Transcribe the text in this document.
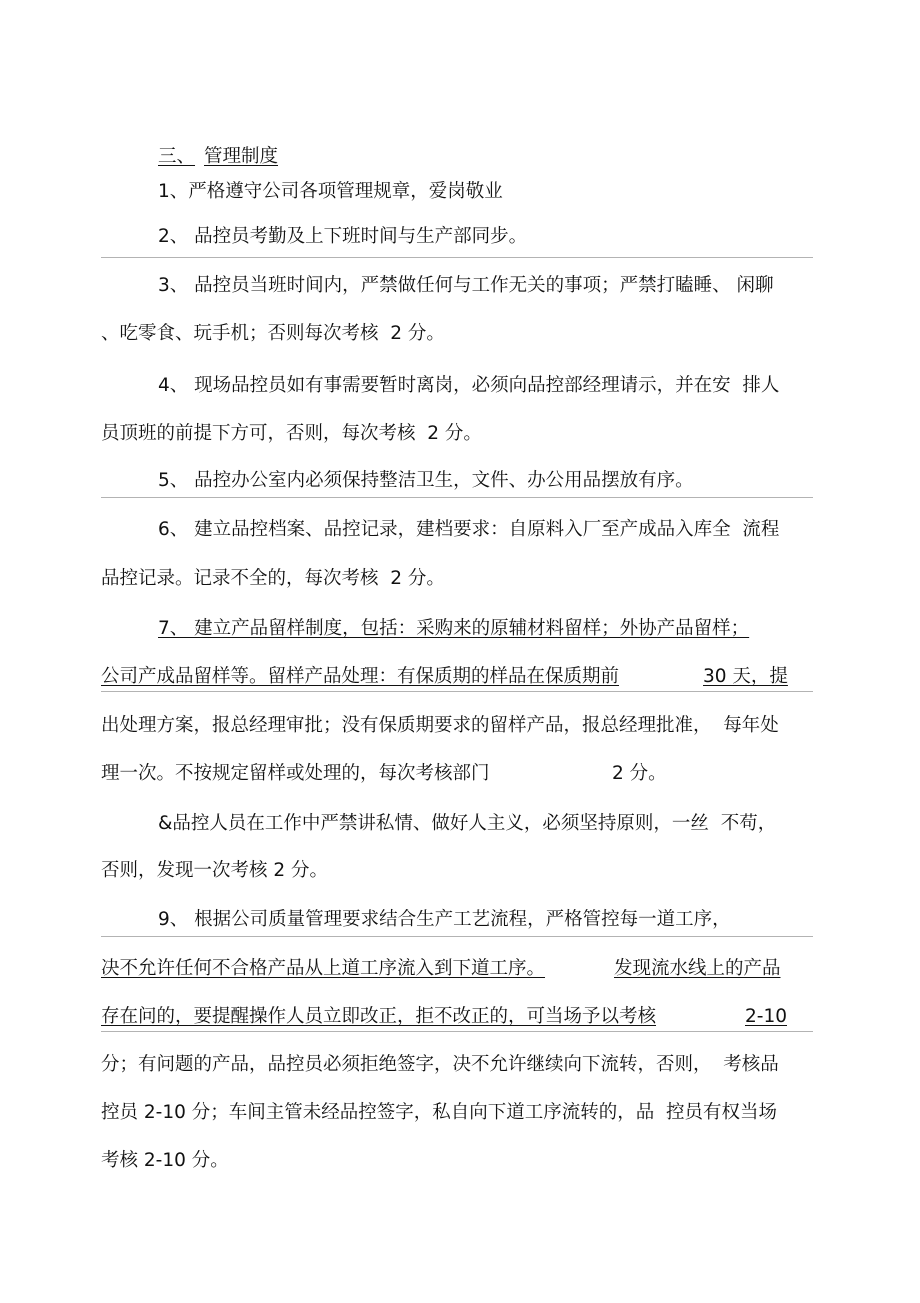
三、 管理制度
1、严格遵守公司各项管理规章，爱岗敬业
2、 品控员考勤及上下班时间与生产部同步。
3、 品控员当班时间内，严禁做任何与工作无关的事项；严禁打瞌睡、 闲聊
、吃零食、玩手机；否则每次考核  2 分。
4、 现场品控员如有事需要暂时离岗，必须向品控部经理请示，并在安  排人
员顶班的前提下方可，否则，每次考核  2 分。
5、 品控办公室内必须保持整洁卫生，文件、办公用品摆放有序。
6、 建立品控档案、品控记录，建档要求：自原料入厂至产成品入库全  流程
品控记录。记录不全的，每次考核  2 分。
7、 建立产品留样制度，包括：采购来的原辅材料留样；外协产品留样；
公司产成品留样等。留样产品处理：有保质期的样品在保质期前	30 天，提
出处理方案，报总经理审批；没有保质期要求的留样产品，报总经理批准，  每年处
理一次。不按规定留样或处理的，每次考核部门	2 分。
&品控人员在工作中严禁讲私情、做好人主义，必须坚持原则，一丝  不苟，
否则，发现一次考核 2 分。
9、 根据公司质量管理要求结合生产工艺流程，严格管控每一道工序，
决不允许任何不合格产品从上道工序流入到下道工序。	发现流水线上的产品
存在问的，要提醒操作人员立即改正，拒不改正的，可当场予以考核	2-10
分；有问题的产品，品控员必须拒绝签字，决不允许继续向下流转，否则，  考核品
控员 2-10 分；车间主管未经品控签字，私自向下道工序流转的，品  控员有权当场
考核 2-10 分。
